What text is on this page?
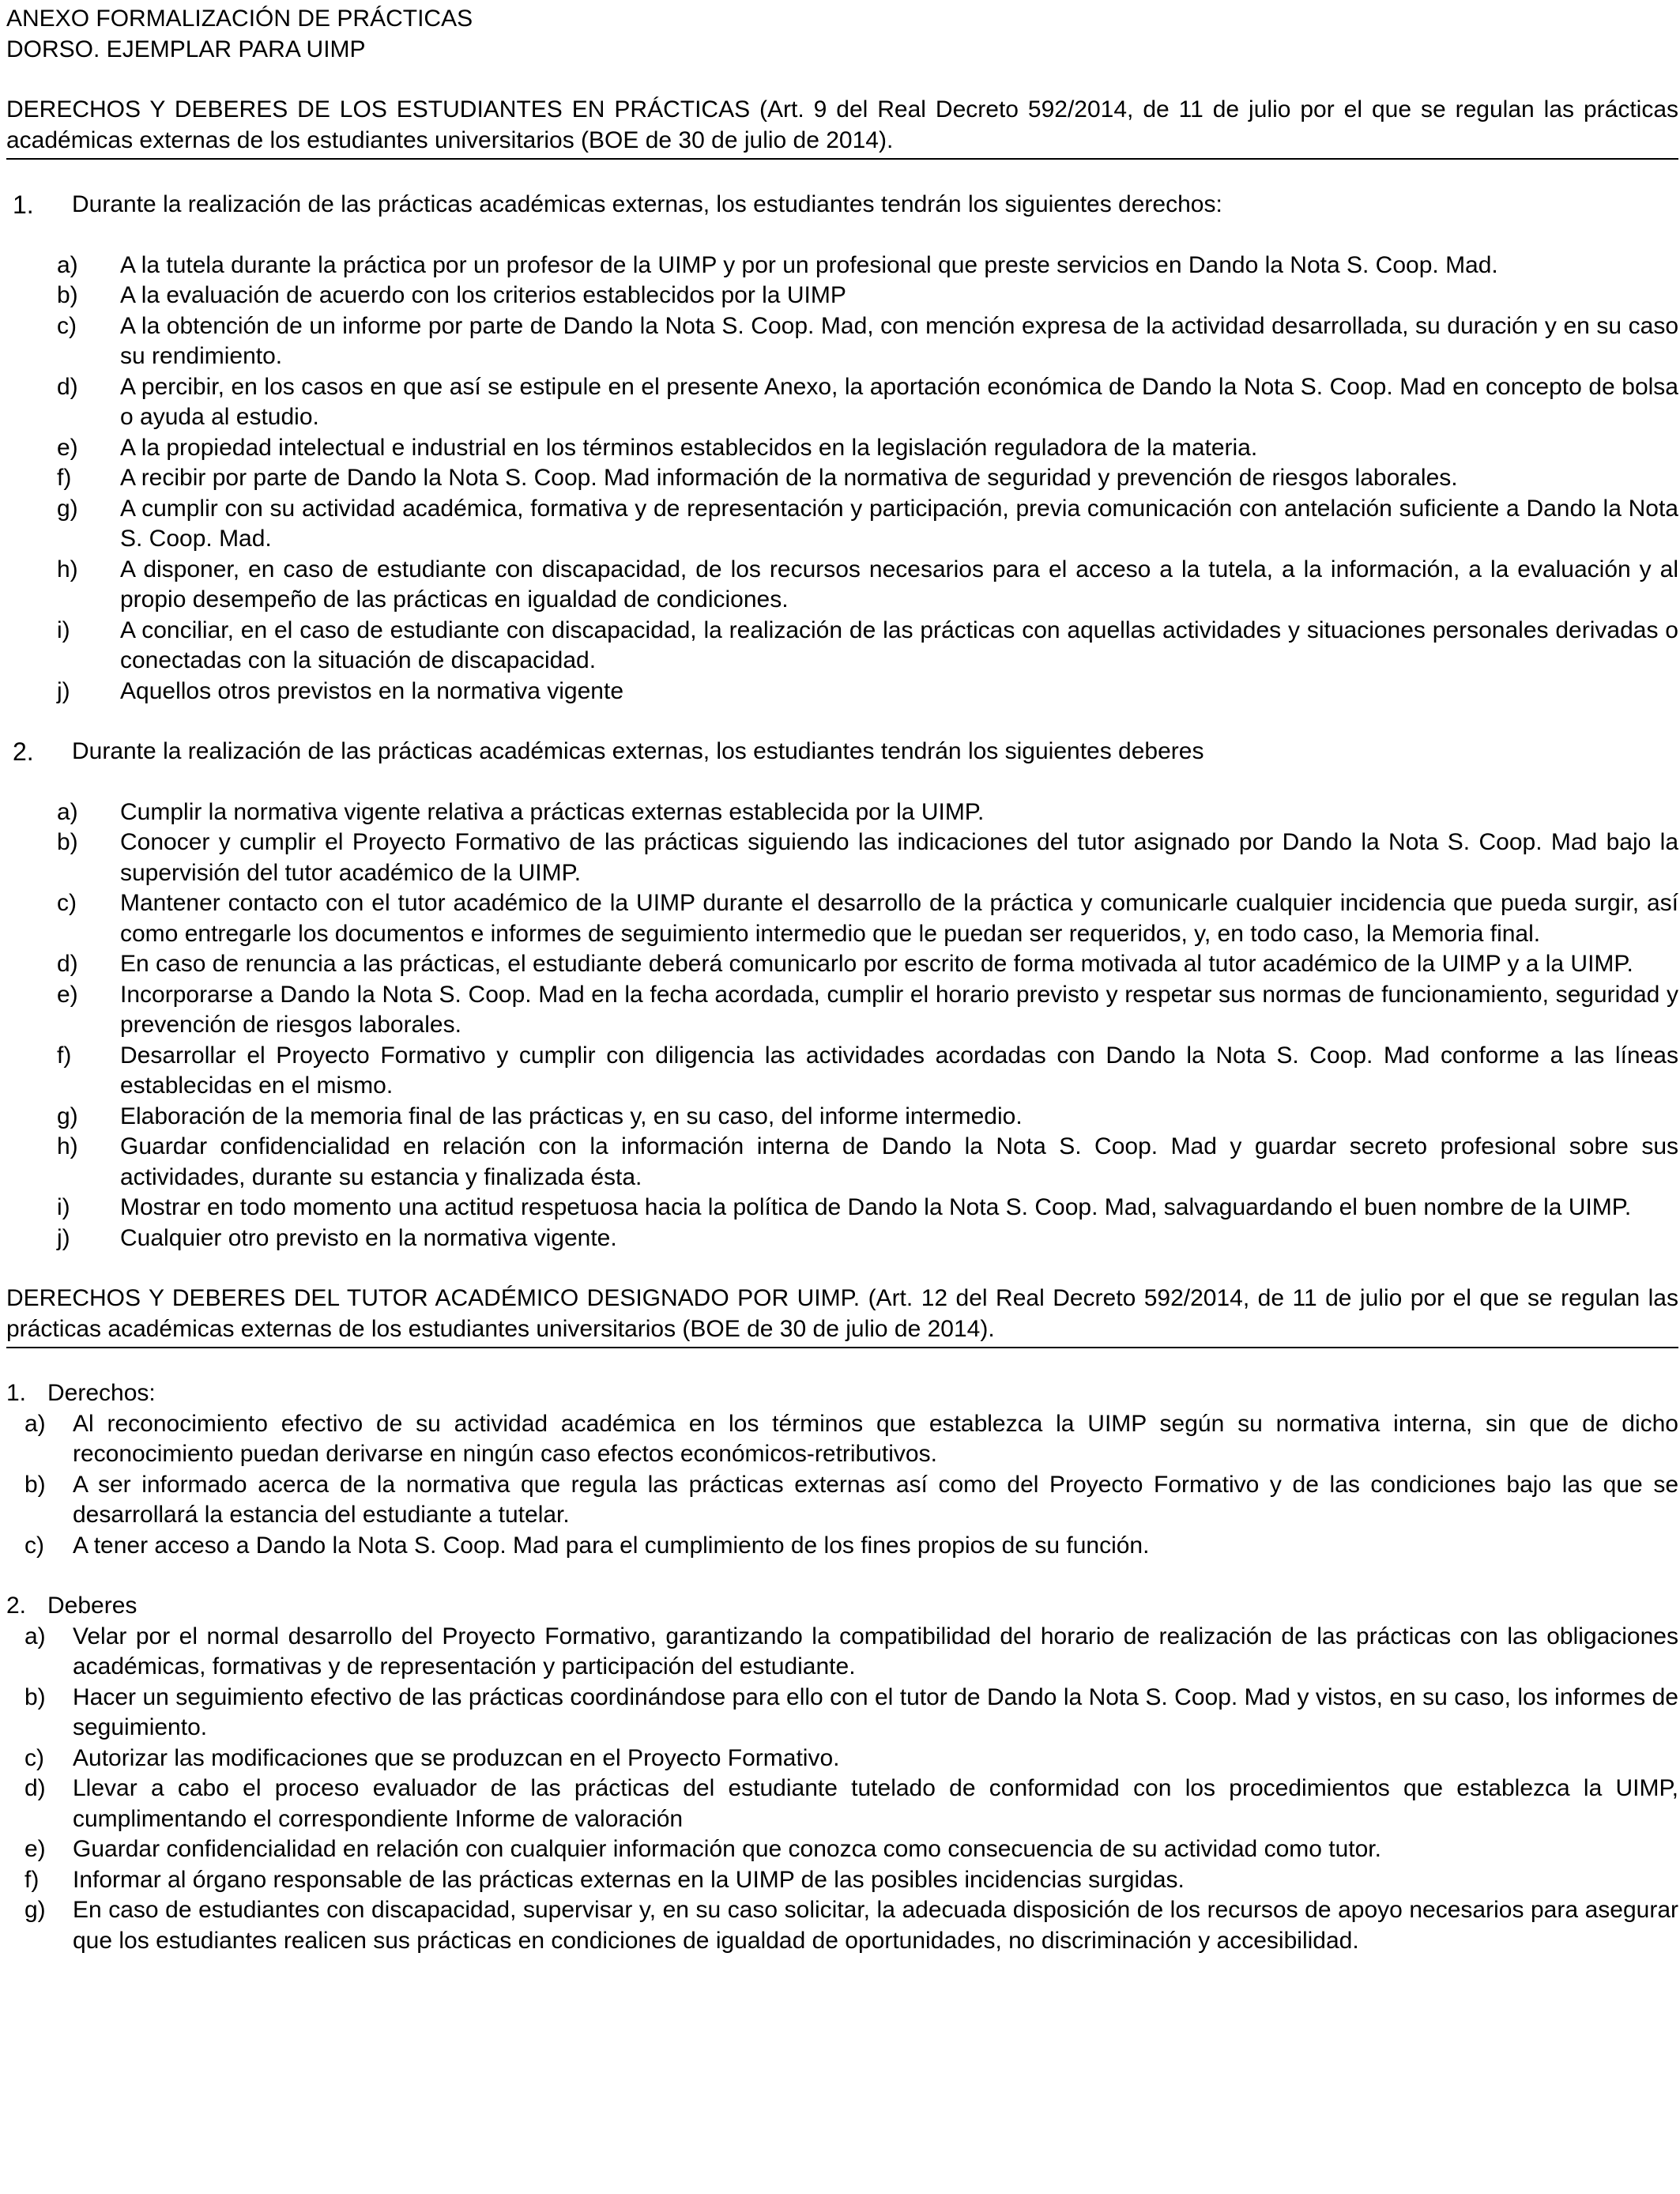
ANEXO FORMALIZACIÓN DE PRÁCTICAS
DORSO. EJEMPLAR PARA UIMP
DERECHOS Y DEBERES DE LOS ESTUDIANTES EN PRÁCTICAS (Art. 9 del Real Decreto 592/2014, de 11 de julio por el que se regulan las prácticas académicas externas de los estudiantes universitarios (BOE de 30 de julio de 2014).
1.	Durante la realización de las prácticas académicas externas, los estudiantes tendrán los siguientes derechos:
a)	A la tutela durante la práctica por un profesor de la UIMP y por un profesional que preste servicios en Dando la Nota S. Coop. Mad.
b)	A la evaluación de acuerdo con los criterios establecidos por la UIMP
c)	A la obtención de un informe por parte de Dando la Nota S. Coop. Mad, con mención expresa de la actividad desarrollada, su duración y en su caso su rendimiento.
d)	A percibir, en los casos en que así se estipule en el presente Anexo, la aportación económica de Dando la Nota S. Coop. Mad en concepto de bolsa o ayuda al estudio.
e)	A la propiedad intelectual e industrial en los términos establecidos en la legislación reguladora de la materia.
f)	A recibir por parte de Dando la Nota S. Coop. Mad información de la normativa de seguridad y prevención de riesgos laborales.
g)	A cumplir con su actividad académica, formativa y de representación y participación, previa comunicación con antelación suficiente a Dando la Nota S. Coop. Mad.
h)	A disponer, en caso de estudiante con discapacidad, de los recursos necesarios para el acceso a la tutela, a la información, a la evaluación y al propio desempeño de las prácticas en igualdad de condiciones.
i)	A conciliar, en el caso de estudiante con discapacidad, la realización de las prácticas con aquellas actividades y situaciones personales derivadas o conectadas con la situación de discapacidad.
j)	Aquellos otros previstos en la normativa vigente
2.	Durante la realización de las prácticas académicas externas, los estudiantes tendrán los siguientes deberes
a)	Cumplir la normativa vigente relativa a prácticas externas establecida por la UIMP.
b)	Conocer y cumplir el Proyecto Formativo de las prácticas siguiendo las indicaciones del tutor asignado por Dando la Nota S. Coop. Mad bajo la supervisión del tutor académico de la UIMP.
c)	Mantener contacto con el tutor académico de la UIMP durante el desarrollo de la práctica y comunicarle cualquier incidencia que pueda surgir, así como entregarle los documentos e informes de seguimiento intermedio que le puedan ser requeridos, y, en todo caso, la Memoria final.
d)	En caso de renuncia a las prácticas, el estudiante deberá comunicarlo por escrito de forma motivada al tutor académico de la UIMP y a la UIMP.
e)	Incorporarse a Dando la Nota S. Coop. Mad en la fecha acordada, cumplir el horario previsto y respetar sus normas de funcionamiento, seguridad y prevención de riesgos laborales.
f)	Desarrollar el Proyecto Formativo y cumplir con diligencia las actividades acordadas con Dando la Nota S. Coop. Mad conforme a las líneas establecidas en el mismo.
g)	Elaboración de la memoria final de las prácticas y, en su caso, del informe intermedio.
h)	Guardar confidencialidad en relación con la información interna de Dando la Nota S. Coop. Mad y guardar secreto profesional sobre sus actividades, durante su estancia y finalizada ésta.
i)	Mostrar en todo momento una actitud respetuosa hacia la política de Dando la Nota S. Coop. Mad, salvaguardando el buen nombre de la UIMP.
j)	Cualquier otro previsto en la normativa vigente.
DERECHOS Y DEBERES DEL TUTOR ACADÉMICO DESIGNADO POR UIMP. (Art. 12 del Real Decreto 592/2014, de 11 de julio por el que se regulan las prácticas académicas externas de los estudiantes universitarios (BOE de 30 de julio de 2014).
1. Derechos:
a)	Al reconocimiento efectivo de su actividad académica en los términos que establezca la UIMP según su normativa interna, sin que de dicho reconocimiento puedan derivarse en ningún caso efectos económicos-retributivos.
b)	A ser informado acerca de la normativa que regula las prácticas externas así como del Proyecto Formativo y de las condiciones bajo las que se desarrollará la estancia del estudiante a tutelar.
c)	A tener acceso a Dando la Nota S. Coop. Mad para el cumplimiento de los fines propios de su función.
2. Deberes
a)	Velar por el normal desarrollo del Proyecto Formativo, garantizando la compatibilidad del horario de realización de las prácticas con las obligaciones académicas, formativas y de representación y participación del estudiante.
b)	Hacer un seguimiento efectivo de las prácticas coordinándose para ello con el tutor de Dando la Nota S. Coop. Mad y vistos, en su caso, los informes de seguimiento.
c)	Autorizar las modificaciones que se produzcan en el Proyecto Formativo.
d)	Llevar a cabo el proceso evaluador de las prácticas del estudiante tutelado de conformidad con los procedimientos que establezca la UIMP, cumplimentando el correspondiente Informe de valoración
e)	Guardar confidencialidad en relación con cualquier información que conozca como consecuencia de su actividad como tutor.
f)	Informar al órgano responsable de las prácticas externas en la UIMP de las posibles incidencias surgidas.
g)	En caso de estudiantes con discapacidad, supervisar y, en su caso solicitar, la adecuada disposición de los recursos de apoyo necesarios para asegurar que los estudiantes realicen sus prácticas en condiciones de igualdad de oportunidades, no discriminación y accesibilidad.
